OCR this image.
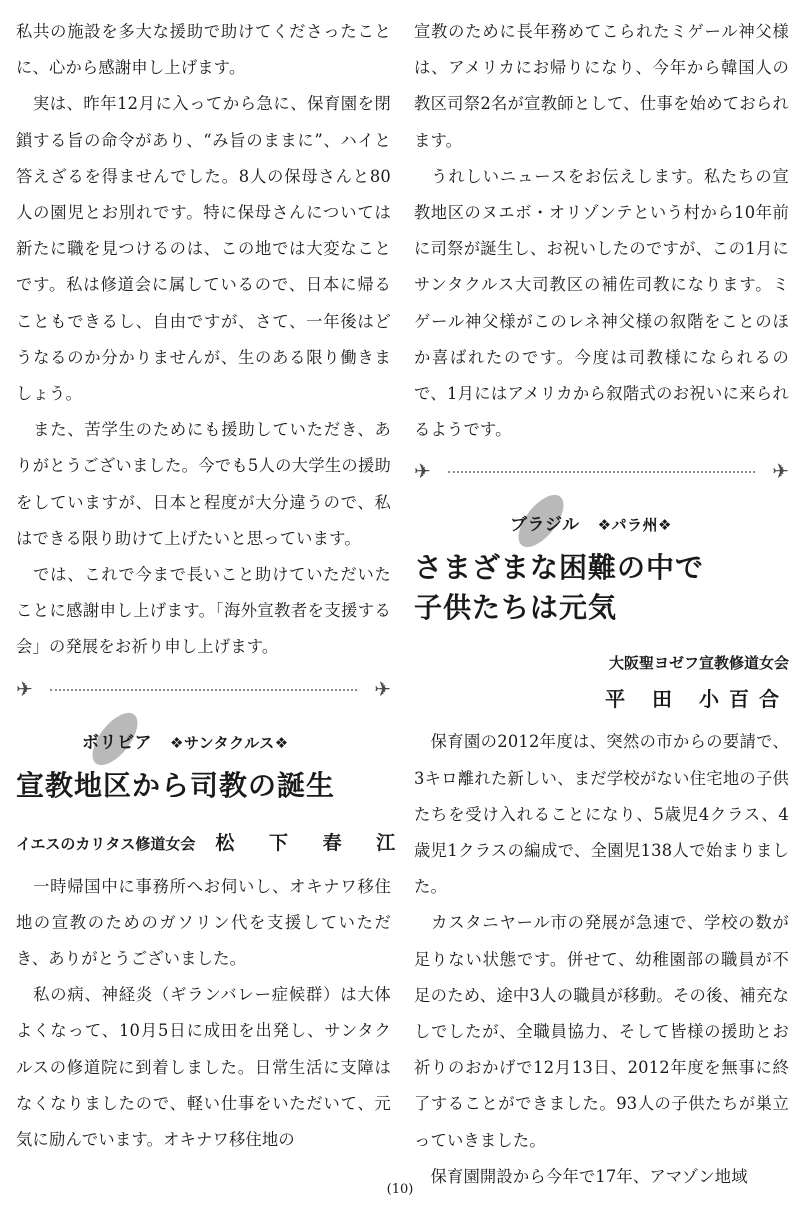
私共の施設を多大な援助で助けてくださったことに、心から感謝申し上げます。

　実は、昨年12月に入ってから急に、保育園を閉鎖する旨の命令があり、“み旨のままに”、ハイと答えざるを得ませんでした。8人の保母さんと80人の園児とお別れです。特に保母さんについては新たに職を見つけるのは、この地では大変なことです。私は修道会に属しているので、日本に帰ることもできるし、自由ですが、さて、一年後はどうなるのか分かりませんが、生のある限り働きましょう。

　また、苦学生のためにも援助していただき、ありがとうございました。今でも5人の大学生の援助をしていますが、日本と程度が大分違うので、私はできる限り助けて上げたいと思っています。

　では、これで今まで長いこと助けていただいたことに感謝申し上げます。「海外宣教者を支援する会」の発展をお祈り申し上げます。

✈	✈
ボリビア ❖サンタクルス❖
宣教地区から司教の誕生
イエスのカリタス修道女会 松 下 春 江

　一時帰国中に事務所へお伺いし、オキナワ移住地の宣教のためのガソリン代を支援していただき、ありがとうございました。

　私の病、神経炎（ギランバレー症候群）は大体よくなって、10月5日に成田を出発し、サンタクルスの修道院に到着しました。日常生活に支障はなくなりましたので、軽い仕事をいただいて、元気に励んでいます。オキナワ移住地の

宣教のために長年務めてこられたミゲール神父様は、アメリカにお帰りになり、今年から韓国人の教区司祭2名が宣教師として、仕事を始めておられます。

　うれしいニュースをお伝えします。私たちの宣教地区のヌエボ・オリゾンテという村から10年前に司祭が誕生し、お祝いしたのですが、この1月にサンタクルス大司教区の補佐司教になります。ミゲール神父様がこのレネ神父様の叙階をことのほか喜ばれたのです。今度は司教様になられるので、1月にはアメリカから叙階式のお祝いに来られるようです。

✈	✈
ブラジル ❖パラ州❖
さまざまな困難の中で
子供たちは元気
大阪聖ヨゼフ宣教修道女会
平 田 小百合

　保育園の2012年度は、突然の市からの要請で、3キロ離れた新しい、まだ学校がない住宅地の子供たちを受け入れることになり、5歳児4クラス、4歳児1クラスの編成で、全園児138人で始まりました。

　カスタニヤール市の発展が急速で、学校の数が足りない状態です。併せて、幼稚園部の職員が不足のため、途中3人の職員が移動。その後、補充なしでしたが、全職員協力、そして皆様の援助とお祈りのおかげで12月13日、2012年度を無事に終了することができました。93人の子供たちが巣立っていきました。

　保育園開設から今年で17年、アマゾン地域

(10)
